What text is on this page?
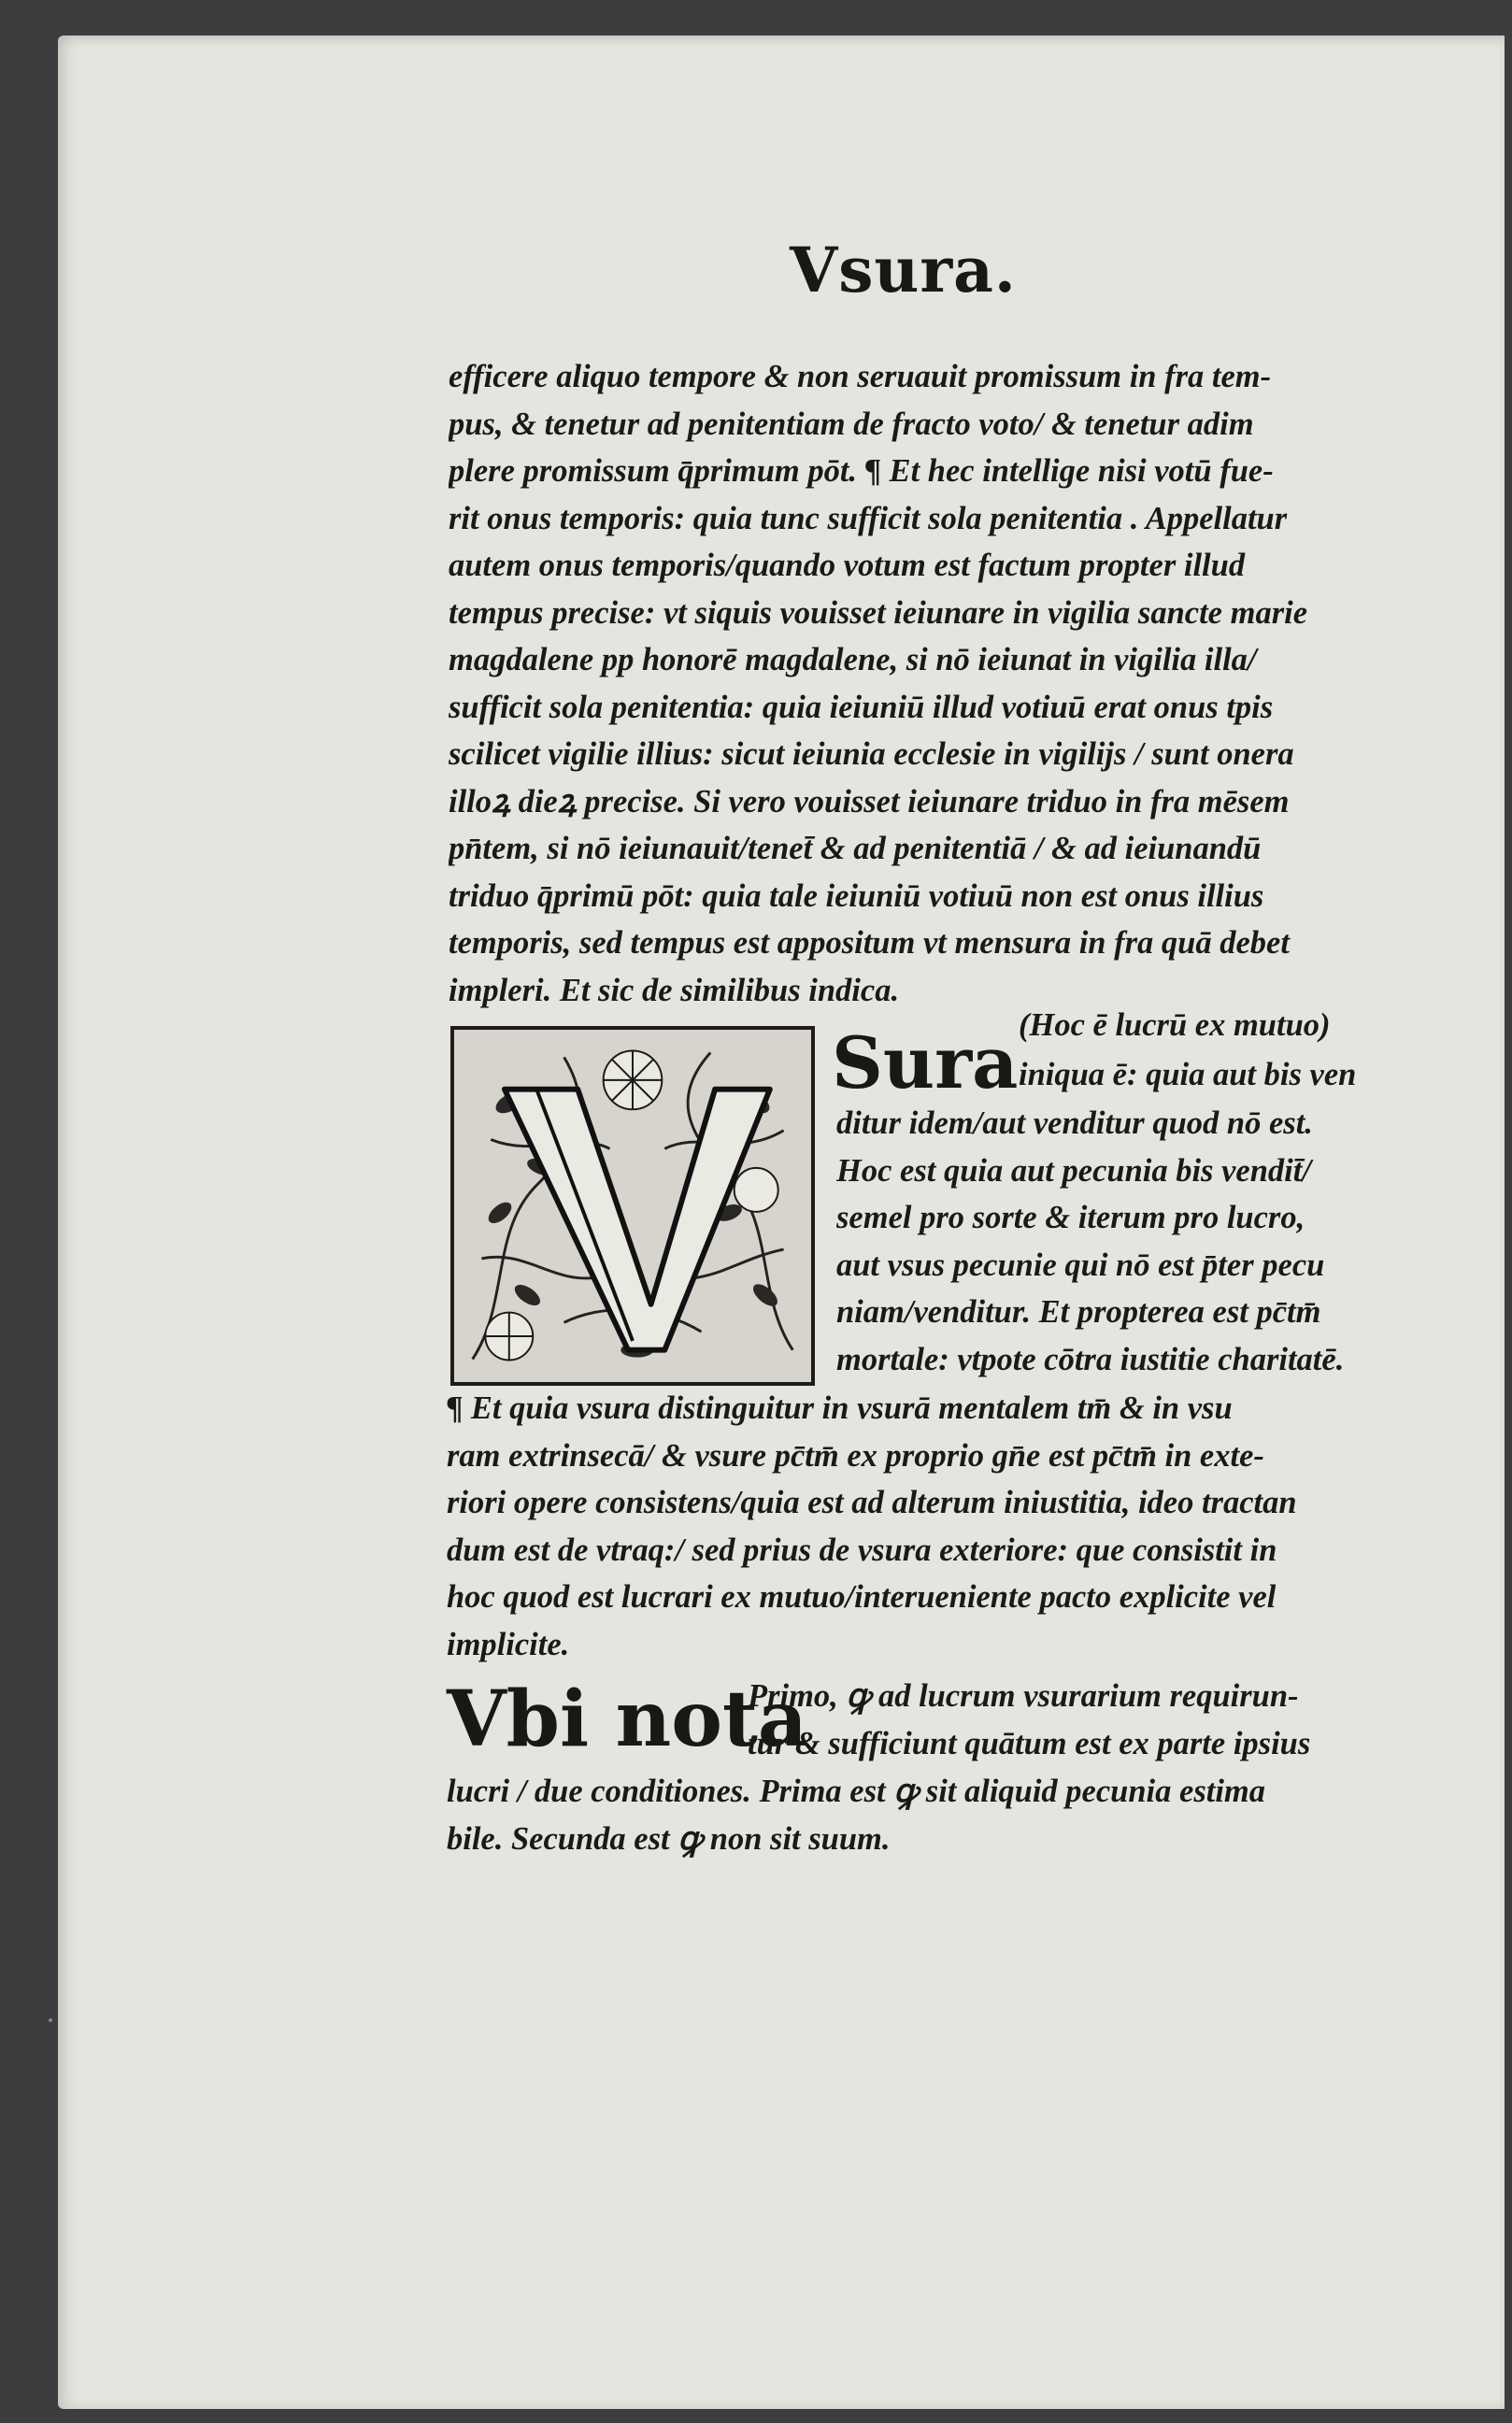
Vsura.
efficere aliquo tempore & non seruauit promissum in fra tem-
pus, & tenetur ad penitentiam de fracto voto/ & tenetur adim
plere promissum q̄primum pōt. ¶ Et hec intellige nisi votū fue-
rit onus temporis: quia tunc sufficit sola penitentia . Appellatur
autem onus temporis/quando votum est factum propter illud
tempus precise: vt siquis vouisset ieiunare in vigilia sancte marie
magdalene pp honorē magdalene, si nō ieiunat in vigilia illa/
sufficit sola penitentia: quia ieiuniū illud votiuū erat onus tpis
scilicet vigilie illius: sicut ieiunia ecclesie in vigilijs / sunt onera
illoꝝ dieꝝ precise. Si vero vouisset ieiunare triduo in fra mēsem
pn̄tem, si nō ieiunauit/tenet̄ & ad penitentiā / & ad ieiunandū
triduo q̄primū pōt: quia tale ieiuniū votiuū non est onus illius
temporis, sed tempus est appositum vt mensura in fra quā debet
impleri. Et sic de similibus indica.
(Hoc ē lucrū ex mutuo)
Sura iniqua ē: quia aut bis ven
ditur idem/aut venditur quod nō est.
Hoc est quia aut pecunia bis vendit̄/
semel pro sorte & iterum pro lucro,
aut vsus pecunie qui nō est p̄ter pecu
niam/venditur. Et propterea est pc̄tm̄
mortale: vtpote cōtra iustitie charitatē.
¶ Et quia vsura distinguitur in vsurā mentalem tm̄ & in vsu
ram extrinsecā/ & vsure pc̄tm̄ ex proprio gn̄e est pc̄tm̄ in exte-
riori opere consistens/quia est ad alterum iniustitia, ideo tractan
dum est de vtraq:/ sed prius de vsura exteriore: que consistit in
hoc quod est lucrari ex mutuo/interueniente pacto explicite vel
implicite.
Vbi nota
Primo, ꝙ ad lucrum vsurarium requirun-
tur & sufficiunt quātum est ex parte ipsius
lucri / due conditiones. Prima est ꝙ sit aliquid pecunia estima
bile. Secunda est ꝙ non sit suum.
